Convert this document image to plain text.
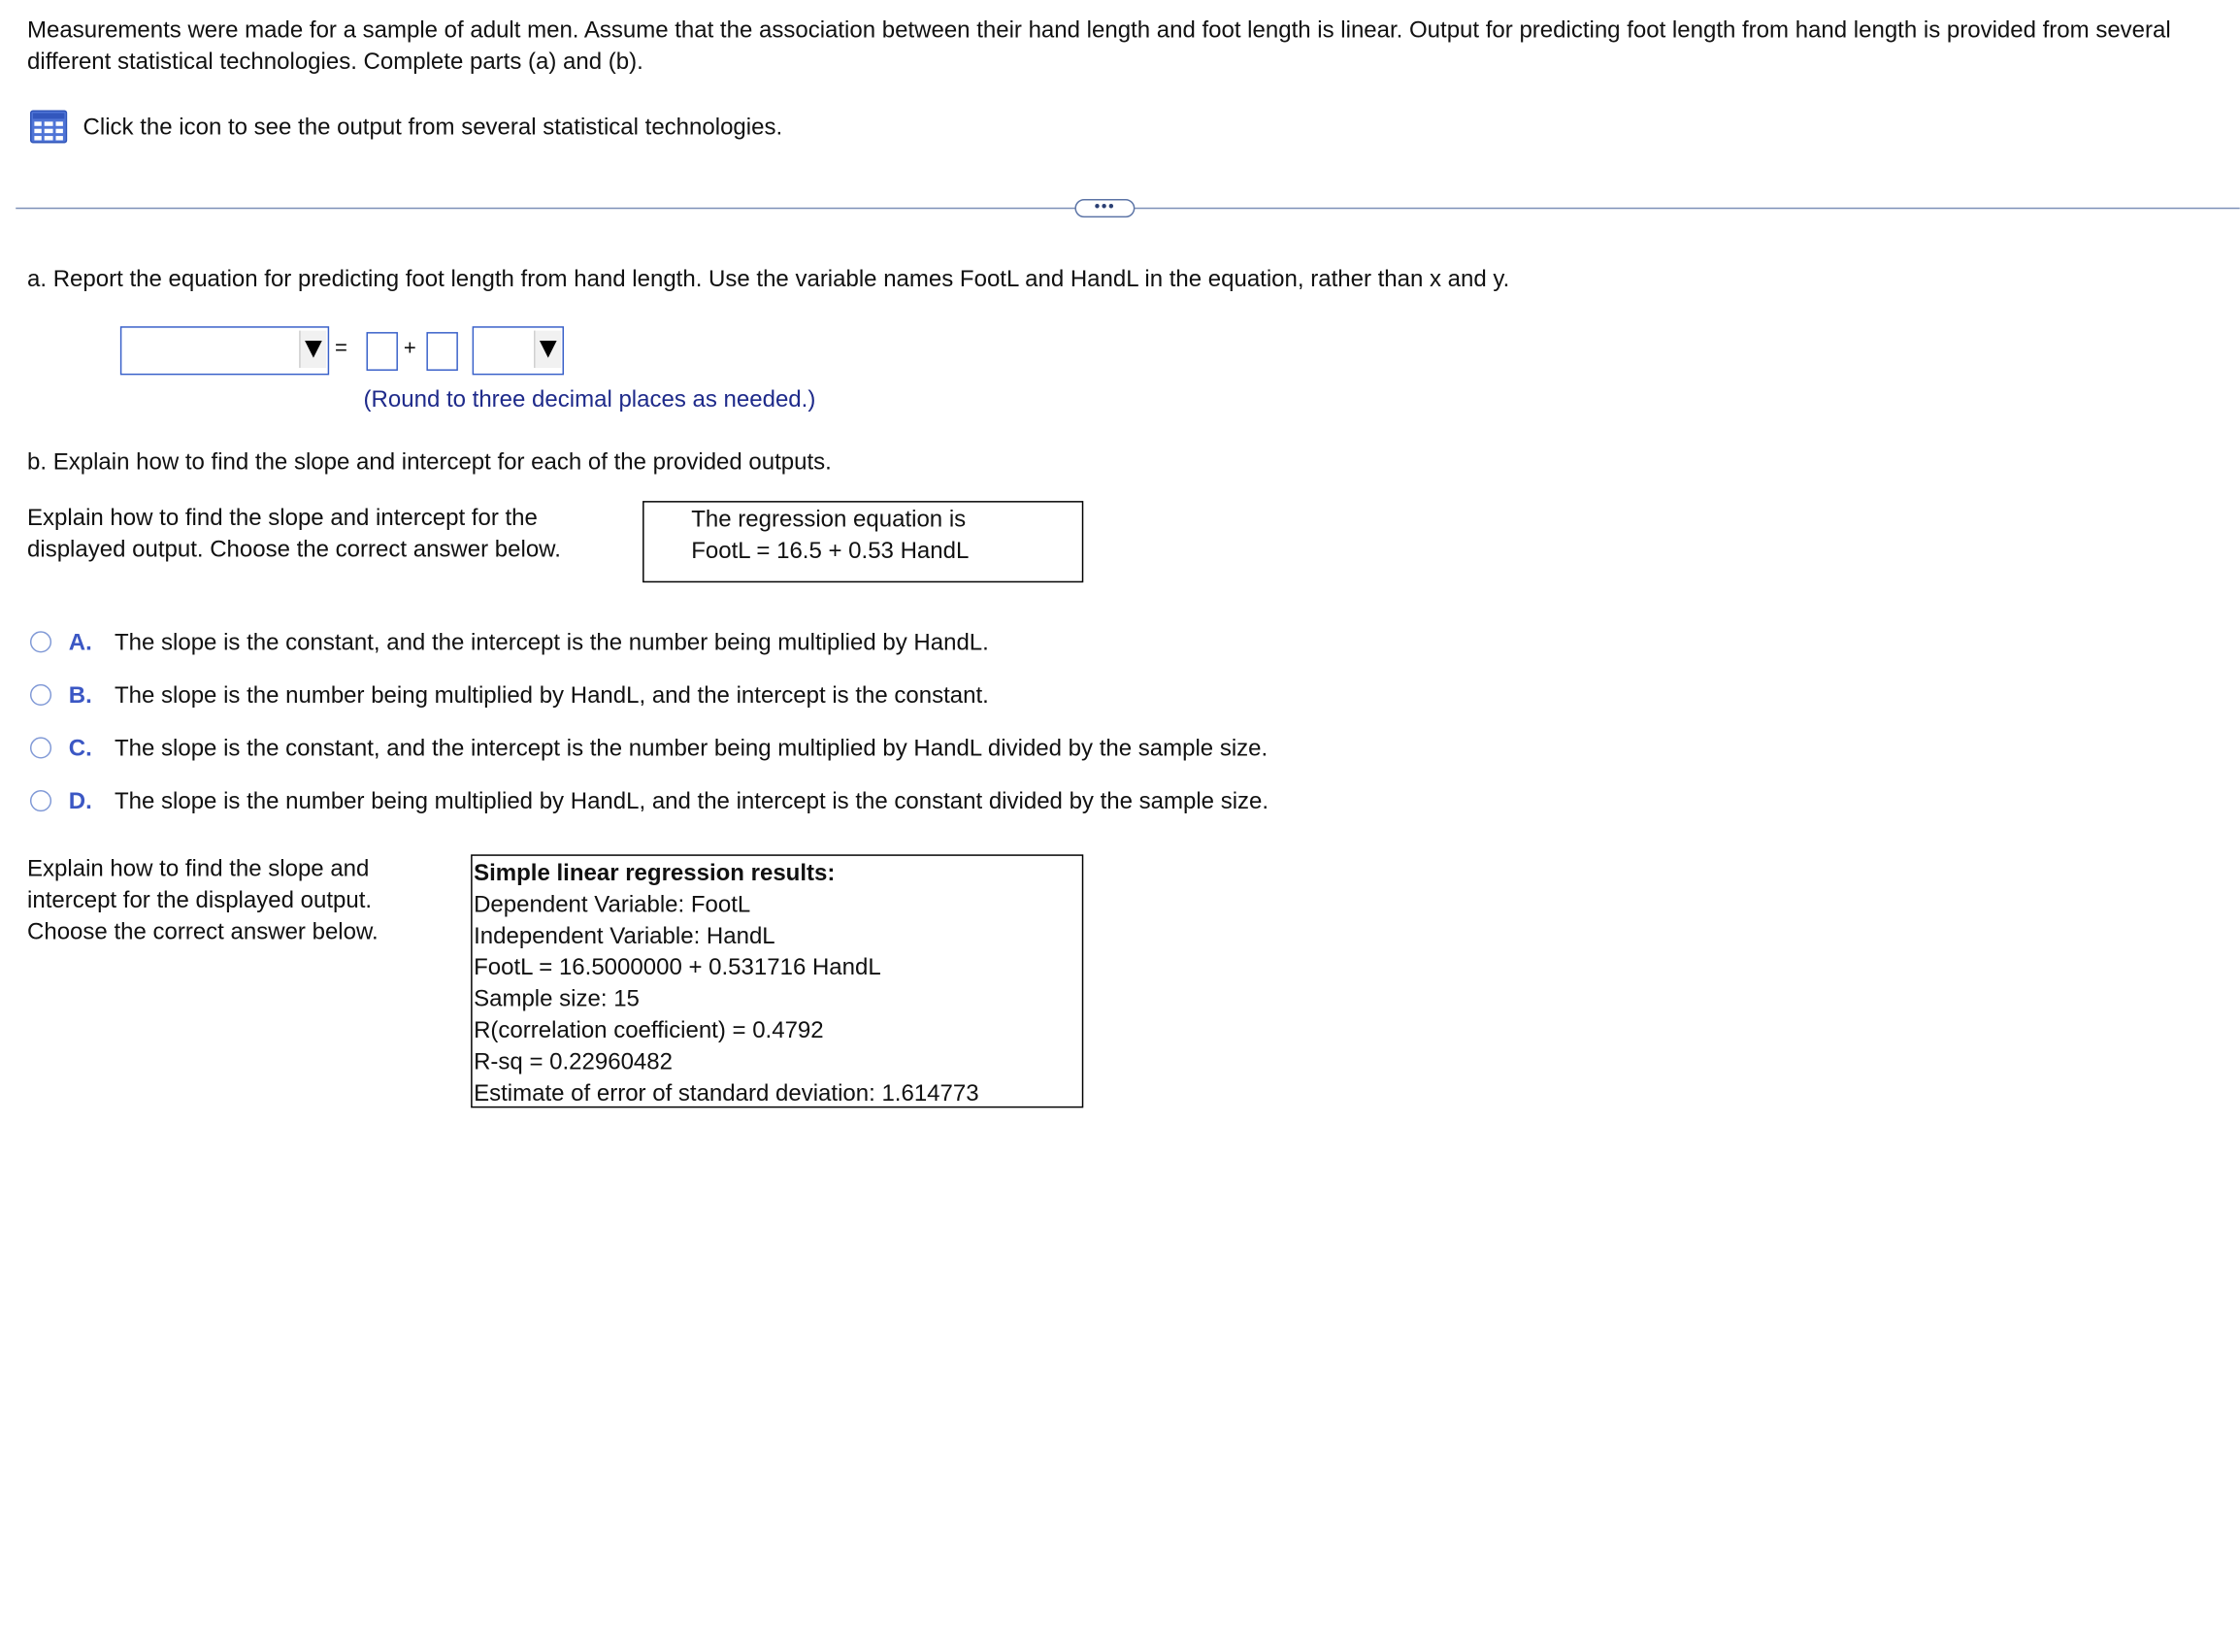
Measurements were made for a sample of adult men. Assume that the association between their hand length and foot length is linear. Output for predicting foot length from hand length is provided from several different statistical technologies. Complete parts (a) and (b).
Click the icon to see the output from several statistical technologies.
•••
a. Report the equation for predicting foot length from hand length. Use the variable names FootL and HandL in the equation, rather than x and y.
=	+
(Round to three decimal places as needed.)
b. Explain how to find the slope and intercept for each of the provided outputs.
Explain how to find the slope and intercept for the displayed output. Choose the correct answer below.
The regression equation is
FootL = 16.5 + 0.53 HandL
A.	The slope is the constant, and the intercept is the number being multiplied by HandL.
B.	The slope is the number being multiplied by HandL, and the intercept is the constant.
C.	The slope is the constant, and the intercept is the number being multiplied by HandL divided by the sample size.
D.	The slope is the number being multiplied by HandL, and the intercept is the constant divided by the sample size.
Explain how to find the slope and intercept for the displayed output. Choose the correct answer below.
Simple linear regression results:
Dependent Variable: FootL
Independent Variable: HandL
FootL = 16.5000000 + 0.531716 HandL
Sample size: 15
R(correlation coefficient) = 0.4792
R-sq = 0.22960482
Estimate of error of standard deviation: 1.614773
